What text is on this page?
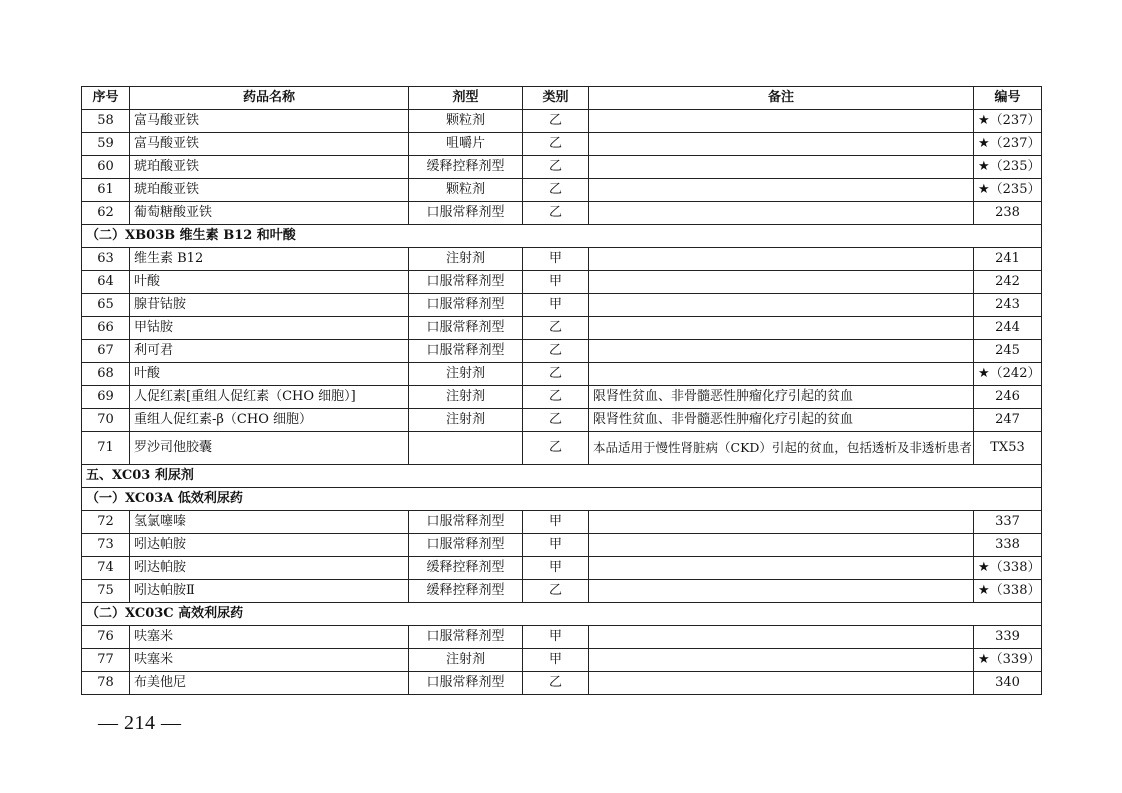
序号	药品名称	剂型	类别	备注	编号
58	富马酸亚铁	颗粒剂	乙		★（237）
59	富马酸亚铁	咀嚼片	乙		★（237）
60	琥珀酸亚铁	缓释控释剂型	乙		★（235）
61	琥珀酸亚铁	颗粒剂	乙		★（235）
62	葡萄糖酸亚铁	口服常释剂型	乙		238
（二）XB03B 维生素 B12 和叶酸					
63	维生素 B12	注射剂	甲		241
64	叶酸	口服常释剂型	甲		242
65	腺苷钴胺	口服常释剂型	甲		243
66	甲钴胺	口服常释剂型	乙		244
67	利可君	口服常释剂型	乙		245
68	叶酸	注射剂	乙		★（242）
69	人促红素[重组人促红素（CHO 细胞）]	注射剂	乙	限肾性贫血、非骨髓恶性肿瘤化疗引起的贫血	246
70	重组人促红素-β（CHO 细胞）	注射剂	乙	限肾性贫血、非骨髓恶性肿瘤化疗引起的贫血	247
71	罗沙司他胶囊		乙	本品适用于慢性肾脏病（CKD）引起的贫血，包括透析及非透析患者	TX53
五、XC03 利尿剂					
（一）XC03A 低效利尿药					
72	氢氯噻嗪	口服常释剂型	甲		337
73	吲达帕胺	口服常释剂型	甲		338
74	吲达帕胺	缓释控释剂型	甲		★（338）
75	吲达帕胺Ⅱ	缓释控释剂型	乙		★（338）
（二）XC03C 高效利尿药					
76	呋塞米	口服常释剂型	甲		339
77	呋塞米	注射剂	甲		★（339）
78	布美他尼	口服常释剂型	乙		340
— 214 —
